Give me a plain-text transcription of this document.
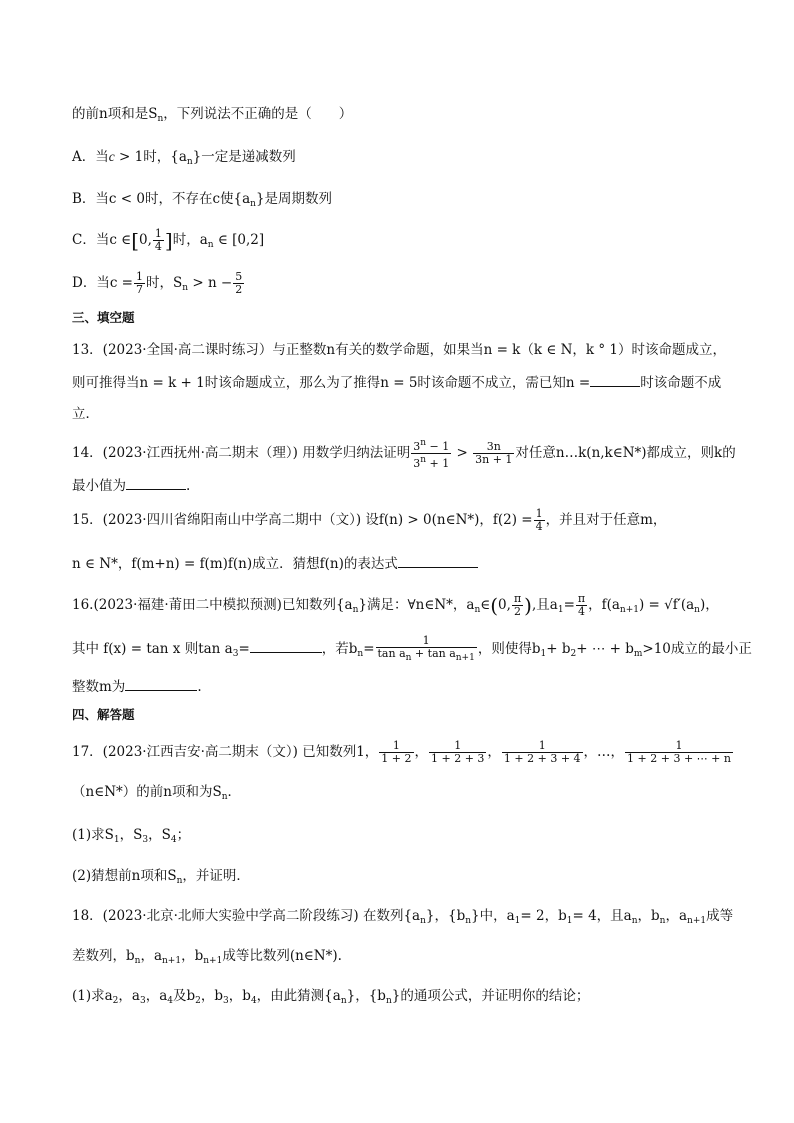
的前n项和是$S_n$，下列说法不正确的是（　　）
A．当c > 1时，$\{a_n\}$一定是递减数列
B．当c < 0时，不存在c使$\{a_n\}$是周期数列
C．当c ∈[0, $\frac{1}{4}$ ]时，$a_n$ ∈ [0,2]
D．当$c = \frac{1}{7}$ 时，$S_n > n - \frac{5}{2}$
三、填空题
13．(2023·全国·高二课时练习）与正整数n有关的数学命题，如果当n = k（k ∈ N，k ° 1）时该命题成立，
则可推得当n = k + 1时该命题成立，那么为了推得n = 5时该命题不成立，需已知n =	时该命题不成
立．
14．(2023·江西抚州·高二期末（理）) 用数学归纳法证明 $\frac{3^n - 1}{3^n + 1} > \frac{3n}{3n + 1}$ 对任意n…k(n,k∈N*)都成立，则k的
最小值为	.
15．(2023·四川省绵阳南山中学高二期中（文）) 设f(n) > 0(n∈N*)，$f(2) = \frac{1}{4}$ ，并且对于任意m，
n ∈ N*，f(m+n) = f(m)f(n)成立．猜想f(n)的表达式
16.(2023·福建·莆田二中模拟预测)已知数列$\{a_n\}$满足：∀n∈N*，$a_n\in(0$, $\frac{\pi}{2}$ ),且$a_1= \frac{\pi}{4}$ ，$f(a_{n+1}) = √f'(a_n)$，
其中 f(x) = tan x 则$\tan a_3=$	，若$b_n= \frac{1}{\tan a_n + \tan a_{n+1}}$ ，则使得$b_1+ b_2+$ ⋯ + $b_m>10$成立的最小正
整数m为	.
四、解答题
17．(2023·江西吉安·高二期末（文）) 已知数列1， $\frac{1}{1 + 2}$ ， $\frac{1}{1 + 2 + 3}$ ， $\frac{1}{1 + 2 + 3 + 4}$ ，…， $\frac{1}{1 + 2 + 3 + \cdots + n}$
（n∈N*）的前n项和为$S_n$．
(1)求$S_1$，$S_3$，$S_4$；
(2)猜想前n项和$S_n$，并证明．
18．(2023·北京·北师大实验中学高二阶段练习) 在数列$\{a_n\}$，$\{b_n\}$中，$a_1= 2$，$b_1= 4$，且$a_n$，$b_n$，$a_{n+1}$成等
差数列，$b_n$，$a_{n+1}$，$b_{n+1}$成等比数列(n∈N*).
(1)求$a_2$，$a_3$，$a_4$及$b_2$，$b_3$，$b_4$，由此猜测$\{a_n\}$，$\{b_n\}$的通项公式，并证明你的结论；
